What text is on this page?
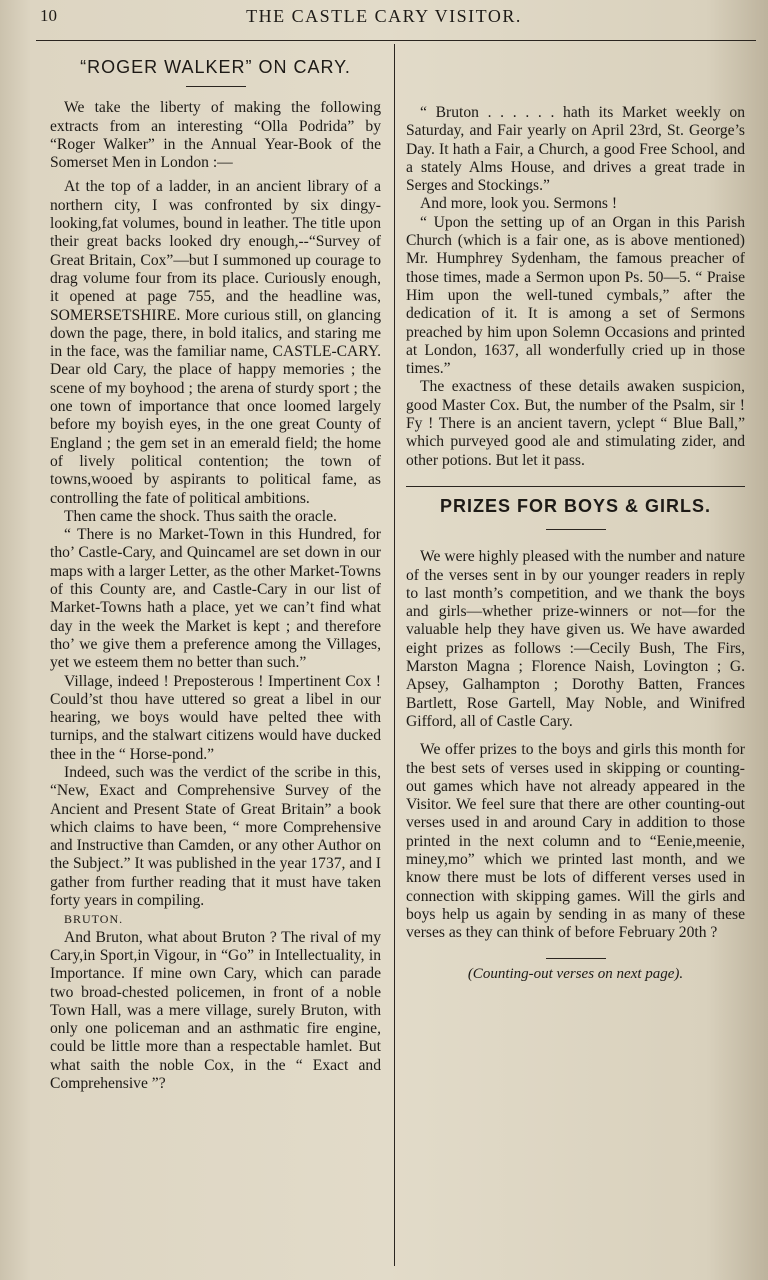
10	THE CASTLE CARY VISITOR.
“ROGER WALKER” ON CARY.

We take the liberty of making the following extracts from an interesting “Olla Podrida” by “Roger Walker” in the Annual Year-Book of the Somerset Men in London :—

At the top of a ladder, in an ancient library of a northern city, I was confronted by six dingy-looking,fat volumes, bound in leather. The title upon their great backs looked dry enough,--“Survey of Great Britain, Cox”—but I summoned up courage to drag volume four from its place. Curiously enough, it opened at page 755, and the headline was, SOMERSETSHIRE. More curious still, on glancing down the page, there, in bold italics, and staring me in the face, was the familiar name, CASTLE-CARY. Dear old Cary, the place of happy memories ; the scene of my boyhood ; the arena of sturdy sport ; the one town of importance that once loomed largely before my boyish eyes, in the one great County of England ; the gem set in an emerald field; the home of lively political contention; the town of towns,wooed by aspirants to political fame, as controlling the fate of political ambitions.

Then came the shock. Thus saith the oracle.

“ There is no Market-Town in this Hundred, for tho’ Castle-Cary, and Quincamel are set down in our maps with a larger Letter, as the other Market-Towns of this County are, and Castle-Cary in our list of Market-Towns hath a place, yet we can’t find what day in the week the Market is kept ; and therefore tho’ we give them a preference among the Villages, yet we esteem them no better than such.”

Village, indeed ! Preposterous ! Impertinent Cox ! Could’st thou have uttered so great a libel in our hearing, we boys would have pelted thee with turnips, and the stalwart citizens would have ducked thee in the “ Horse-pond.”

Indeed, such was the verdict of the scribe in this, “New, Exact and Comprehensive Survey of the Ancient and Present State of Great Britain” a book which claims to have been, “ more Comprehensive and Instructive than Camden, or any other Author on the Subject.” It was published in the year 1737, and I gather from further reading that it must have taken forty years in compiling.

BRUTON.

And Bruton, what about Bruton ? The rival of my Cary,in Sport,in Vigour, in “Go” in Intellectuality, in Importance. If mine own Cary, which can parade two broad-chested policemen, in front of a noble Town Hall, was a mere village, surely Bruton, with only one policeman and an asthmatic fire engine, could be little more than a respectable hamlet. But what saith the noble Cox, in the “ Exact and Comprehensive ”?

“ Bruton . . . . . . hath its Market weekly on Saturday, and Fair yearly on April 23rd, St. George’s Day. It hath a Fair, a Church, a good Free School, and a stately Alms House, and drives a great trade in Serges and Stockings.”

And more, look you. Sermons !

“ Upon the setting up of an Organ in this Parish Church (which is a fair one, as is above mentioned) Mr. Humphrey Sydenham, the famous preacher of those times, made a Sermon upon Ps. 50—5. “ Praise Him upon the well-tuned cymbals,” after the dedication of it. It is among a set of Sermons preached by him upon Solemn Occasions and printed at London, 1637, all wonderfully cried up in those times.”

The exactness of these details awaken suspicion, good Master Cox. But, the number of the Psalm, sir ! Fy ! There is an ancient tavern, yclept “ Blue Ball,” which purveyed good ale and stimulating zider, and other potions. But let it pass.

PRIZES FOR BOYS & GIRLS.

We were highly pleased with the number and nature of the verses sent in by our younger readers in reply to last month’s competition, and we thank the boys and girls—whether prize-winners or not—for the valuable help they have given us. We have awarded eight prizes as follows :—Cecily Bush, The Firs, Marston Magna ; Florence Naish, Lovington ; G. Apsey, Galhampton ; Dorothy Batten, Frances Bartlett, Rose Gartell, May Noble, and Winifred Gifford, all of Castle Cary.

We offer prizes to the boys and girls this month for the best sets of verses used in skipping or counting-out games which have not already appeared in the Visitor. We feel sure that there are other counting-out verses used in and around Cary in addition to those printed in the next column and to “Eenie,meenie, miney,mo” which we printed last month, and we know there must be lots of different verses used in connection with skipping games. Will the girls and boys help us again by sending in as many of these verses as they can think of before February 20th ?

(Counting-out verses on next page).
